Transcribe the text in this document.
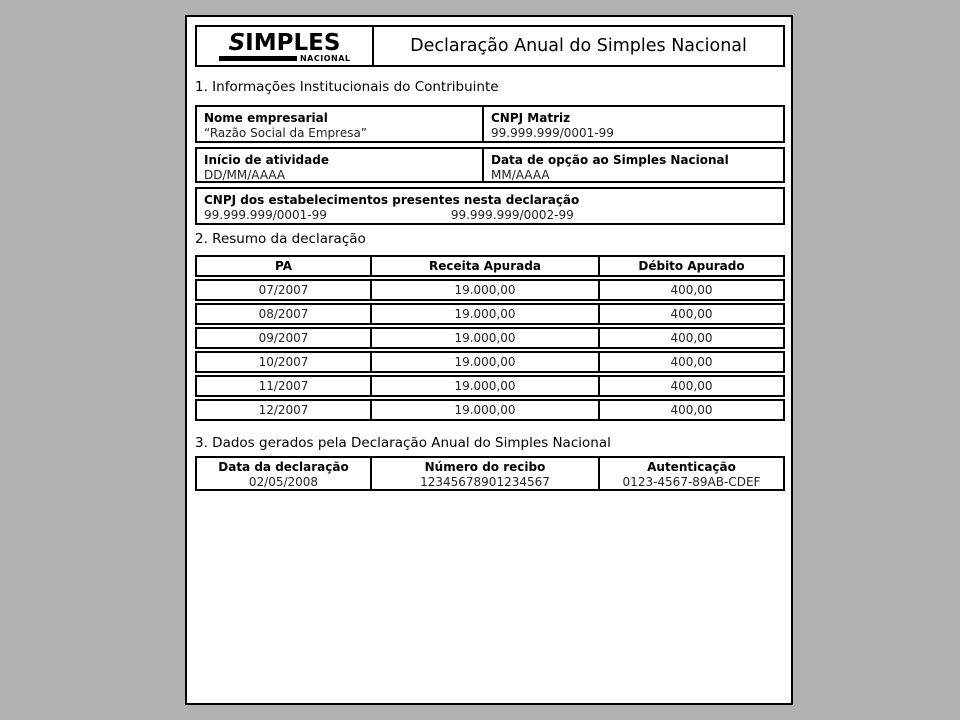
SIMPLES
NACIONAL
Declaração Anual do Simples Nacional
1. Informações Institucionais do Contribuinte
Nome empresarial
“Razão Social da Empresa”
CNPJ Matriz
99.999.999/0001-99
Início de atividade
DD/MM/AAAA
Data de opção ao Simples Nacional
MM/AAAA
CNPJ dos estabelecimentos presentes nesta declaração
99.999.999/0001-99	99.999.999/0002-99
2. Resumo da declaração
PA	Receita Apurada	Débito Apurado
07/2007	19.000,00	400,00
08/2007	19.000,00	400,00
09/2007	19.000,00	400,00
10/2007	19.000,00	400,00
11/2007	19.000,00	400,00
12/2007	19.000,00	400,00
3. Dados gerados pela Declaração Anual do Simples Nacional
Data da declaração
02/05/2008
Número do recibo
12345678901234567
Autenticação
0123-4567-89AB-CDEF
